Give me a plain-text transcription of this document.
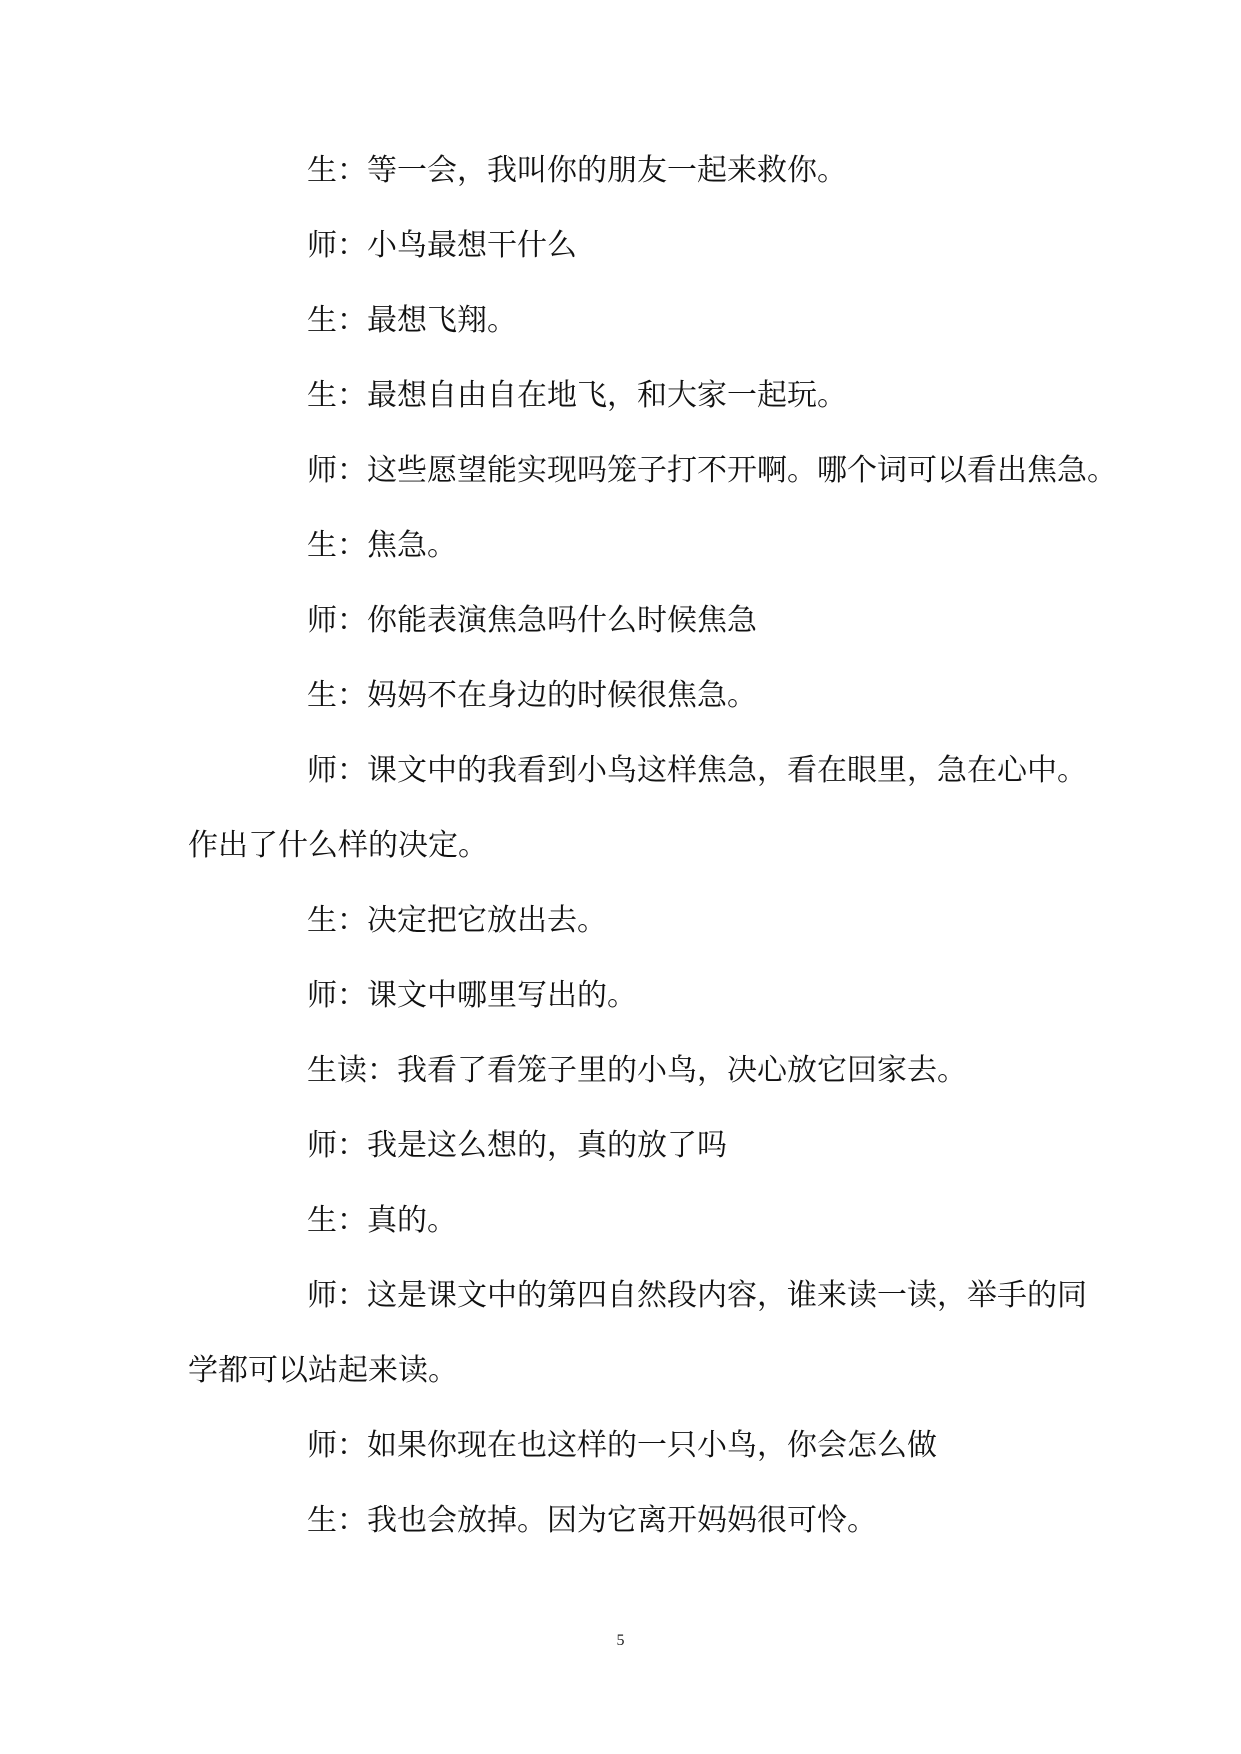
生：等一会，我叫你的朋友一起来救你。
师：小鸟最想干什么
生：最想飞翔。
生：最想自由自在地飞，和大家一起玩。
师：这些愿望能实现吗笼子打不开啊。哪个词可以看出焦急。
生：焦急。
师：你能表演焦急吗什么时候焦急
生：妈妈不在身边的时候很焦急。
师：课文中的我看到小鸟这样焦急，看在眼里，急在心中。
作出了什么样的决定。
生：决定把它放出去。
师：课文中哪里写出的。
生读：我看了看笼子里的小鸟，决心放它回家去。
师：我是这么想的，真的放了吗
生：真的。
师：这是课文中的第四自然段内容，谁来读一读，举手的同
学都可以站起来读。
师：如果你现在也这样的一只小鸟，你会怎么做
生：我也会放掉。因为它离开妈妈很可怜。
5
